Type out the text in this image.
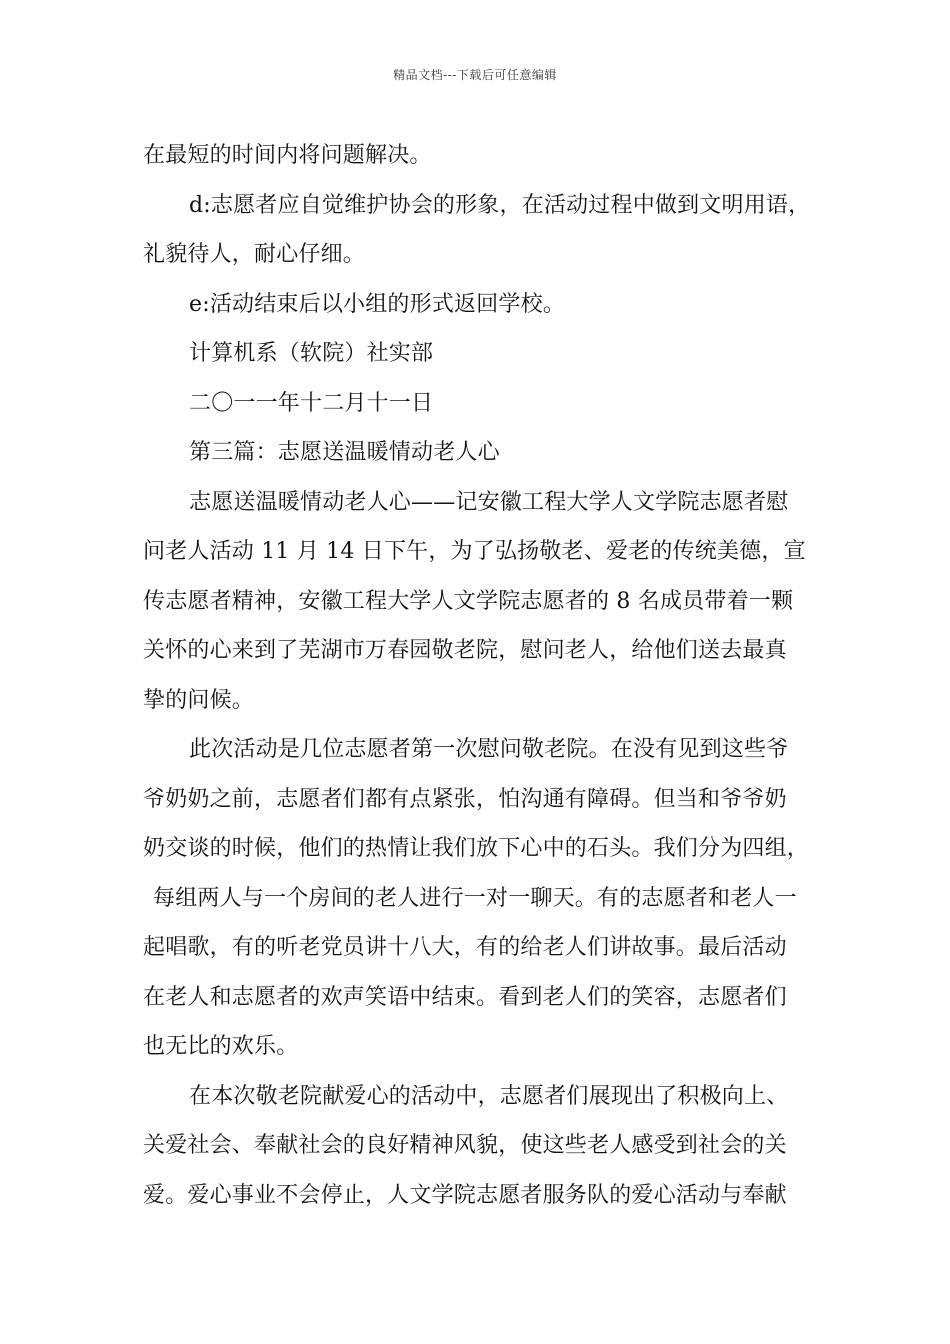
精品文档---下载后可任意编辑
在最短的时间内将问题解决。
d:志愿者应自觉维护协会的形象，在活动过程中做到文明用语，
礼貌待人，耐心仔细。
e:活动结束后以小组的形式返回学校。
计算机系（软院）社实部
二〇一一年十二月十一日
第三篇：志愿送温暖情动老人心
志愿送温暖情动老人心——记安徽工程大学人文学院志愿者慰
问老人活动 11 月 14 日下午，为了弘扬敬老、爱老的传统美德，宣
传志愿者精神，安徽工程大学人文学院志愿者的 8 名成员带着一颗
关怀的心来到了芜湖市万春园敬老院，慰问老人，给他们送去最真
挚的问候。
此次活动是几位志愿者第一次慰问敬老院。在没有见到这些爷
爷奶奶之前，志愿者们都有点紧张，怕沟通有障碍。但当和爷爷奶
奶交谈的时候，他们的热情让我们放下心中的石头。我们分为四组，
每组两人与一个房间的老人进行一对一聊天。有的志愿者和老人一
起唱歌，有的听老党员讲十八大，有的给老人们讲故事。最后活动
在老人和志愿者的欢声笑语中结束。看到老人们的笑容，志愿者们
也无比的欢乐。
在本次敬老院献爱心的活动中，志愿者们展现出了积极向上、
关爱社会、奉献社会的良好精神风貌，使这些老人感受到社会的关
爱。爱心事业不会停止，人文学院志愿者服务队的爱心活动与奉献
